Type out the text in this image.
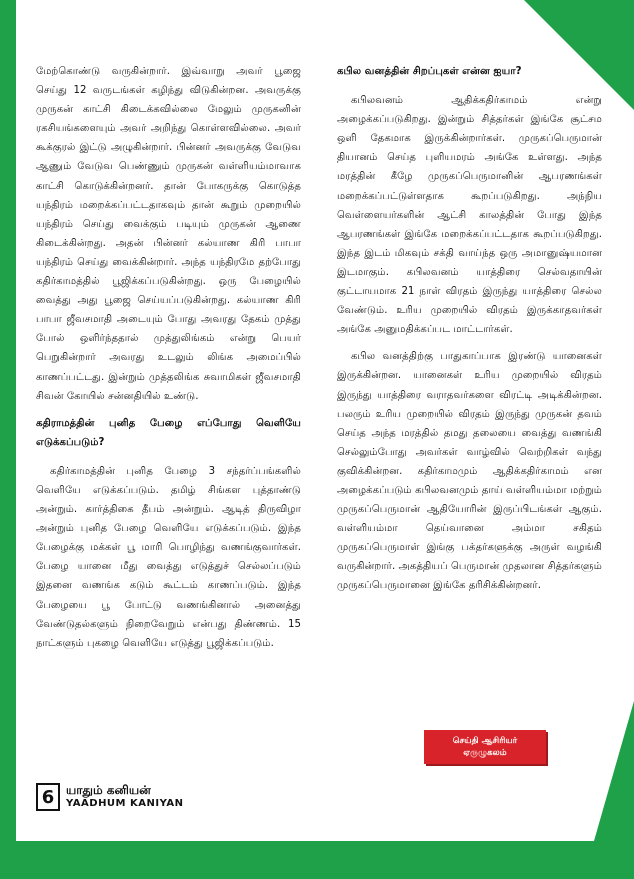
மேற்கொண்டு வருகின்றார். இவ்வாறு அவர் பூஜை செய்து 12 வருடங்கள் கழிந்து விடுகின்றன. அவருக்கு முருகன் காட்சி கிடைக்கவில்லை மேலும் முருகனின் ரகசியங்களையும் அவர் அறிந்து கொள்ளவில்லை. அவர் கூக்குரல் இட்டு அழுகின்றார். பின்னர் அவருக்கு வேடுவ ஆணும் வேடுவ பெண்ணும் முருகன் வள்ளியம்மாவாக காட்சி கொடுக்கின்றனர். தான் போகருக்கு கொடுத்த யந்திரம் மறைக்கப்பட்டதாகவும் தான் கூறும் முறையில் யந்திரம் செய்து வைக்கும் படியும் முருகன் ஆணை கிடைக்கின்றது. அதன் பின்னர் கல்யாண கிரி பாபா யந்திரம் செய்து வைக்கின்றார். அந்த யந்திரமே தற்போது கதிர்காமத்தில் பூஜிக்கப்படுகின்றது. ஒரு பேழையில் வைத்து அது பூஜை செய்யப்படுகின்றது. கல்யாண கிரி பாபா ஜீவசமாதி அடையும் போது அவரது தேகம் முத்து போல் ஒளிர்ந்ததால் முத்துலிங்கம் என்று பெயர் பெறுகின்றார் அவரது உடலும் லிங்க அமைப்பில் காணப்பட்டது. இன்றும் முத்தலிங்க சுவாமிகள் ஜீவசமாதி சிவன் கோயில் சன்னதியில் உண்டு.

கதிராமத்தின் புனித பேழை எப்போது வெளியே எடுக்கப்படும்?

கதிர்காமத்தின் புனித பேழை 3 சந்தர்ப்பங்களில் வெளியே எடுக்கப்படும். தமிழ் சிங்கள புத்தாண்டு அன்றும். கார்த்திகை தீபம் அன்றும். ஆடித் திருவிழா அன்றும் புனித பேழை வெளியே எடுக்கப்படும். இந்த பேழைக்கு மக்கள் பூ மாரி பொழிந்து வணங்குவார்கள். பேழை யானை மீது வைத்து எடுத்துச் செல்லப்படும் இதனை வணங்க கடும் கூட்டம் காணப்படும். இந்த பேழையை பூ போட்டு வணங்கினால் அனைத்து வேண்டுதல்களும் நிறைவேறும் என்பது திண்ணம். 15 நாட்களும் புகழை வெளியே எடுத்து பூஜிக்கப்படும்.

கபில வனத்தின் சிறப்புகள் என்ன ஐயா?

கபிலவனம் ஆதிக்கதிர்காமம் என்று அழைக்கப்படுகிறது. இன்றும் சித்தர்கள் இங்கே சூட்சம ஒளி தேகமாக இருக்கின்றார்கள். முருகப்பெருமான் தியானம் செய்த புளியமரம் அங்கே உள்ளது. அந்த மரத்தின் கீழே முருகப்பெருமானின் ஆபரணங்கள் மறைக்கப்பட்டுள்ளதாக கூறப்படுகிறது. அந்நிய வெள்ளையர்களின் ஆட்சி காலத்தின் போது இந்த ஆபரணங்கள் இங்கே மறைக்கப்பட்டதாக கூறப்படுகிறது. இந்த இடம் மிகவும் சக்தி வாய்ந்த ஒரு அமானுஷ்யமான இடமாகும். கபிலவனம் யாத்திரை செல்வதாயின் குட்டாயமாக 21 நாள் விரதம் இருந்து யாத்திரை செல்ல வேண்டும். உரிய முறையில் விரதம் இருக்காதவர்கள் அங்கே அனுமதிக்கப்பட மாட்டார்கள்.

கபில வனத்திற்கு பாதுகாப்பாக இரண்டு யானைகள் இருக்கின்றன. யானைகள் உரிய முறையில் விரதம் இருந்து யாத்திரை வராதவர்களை விரட்டி அடிக்கின்றன. பலரும் உரிய முறையில் விரதம் இருந்து முருகன் தவம் செய்த அந்த மரத்தில் தமது தலையை வைத்து வணங்கி செல்லும்போது அவர்கள் வாழ்வில் வெற்றிகள் வந்து குவிக்கின்றன. கதிர்காமமும் ஆதிக்கதிர்காமம் என அழைக்கப்படும் கபிலவனமும் தாய் வள்ளியம்மா மற்றும் முருகப்பெருமான் ஆதியோரின் இருப்பிடங்கள் ஆகும். வள்ளியம்மா தெய்வானை அம்மா சகிதம் முருகப்பெருமாள் இங்கு பக்தர்களுக்கு அருள் வழங்கி வருகின்றார். அகத்தியப் பெருமான் முதலான சித்தர்களும் முருகப்பெருமானை இங்கே தரிசிக்கின்றனர்.

செய்தி ஆசிரியர்
ஏருழுகலம்
6 யாதும் கனியன்
YAADHUM KANIYAN
